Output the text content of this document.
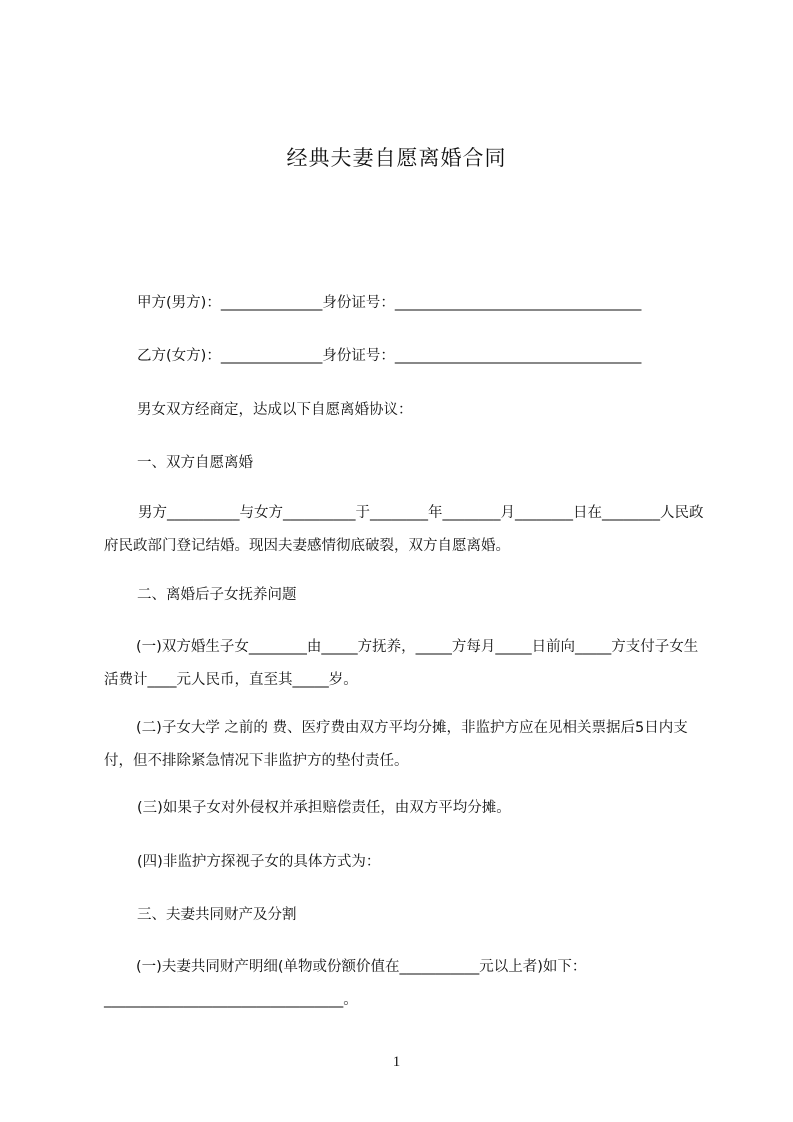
经典夫妻自愿离婚合同
甲方(男方)：______________身份证号：__________________________________
乙方(女方)：______________身份证号：__________________________________
男女双方经商定，达成以下自愿离婚协议：
一、双方自愿离婚
男方__________与女方__________于________年________月________日在________人民政府民政部门登记结婚。现因夫妻感情彻底破裂，双方自愿离婚。
二、离婚后子女抚养问题
(一)双方婚生子女________由_____方抚养，_____方每月_____日前向_____方支付子女生活费计____元人民币，直至其_____岁。
(二)子女大学 之前的 费、医疗费由双方平均分摊，非监护方应在见相关票据后5日内支付，但不排除紧急情况下非监护方的垫付责任。
(三)如果子女对外侵权并承担赔偿责任，由双方平均分摊。
(四)非监护方探视子女的具体方式为：
三、夫妻共同财产及分割
(一)夫妻共同财产明细(单物或份额价值在___________元以上者)如下：_________________________________。
1
